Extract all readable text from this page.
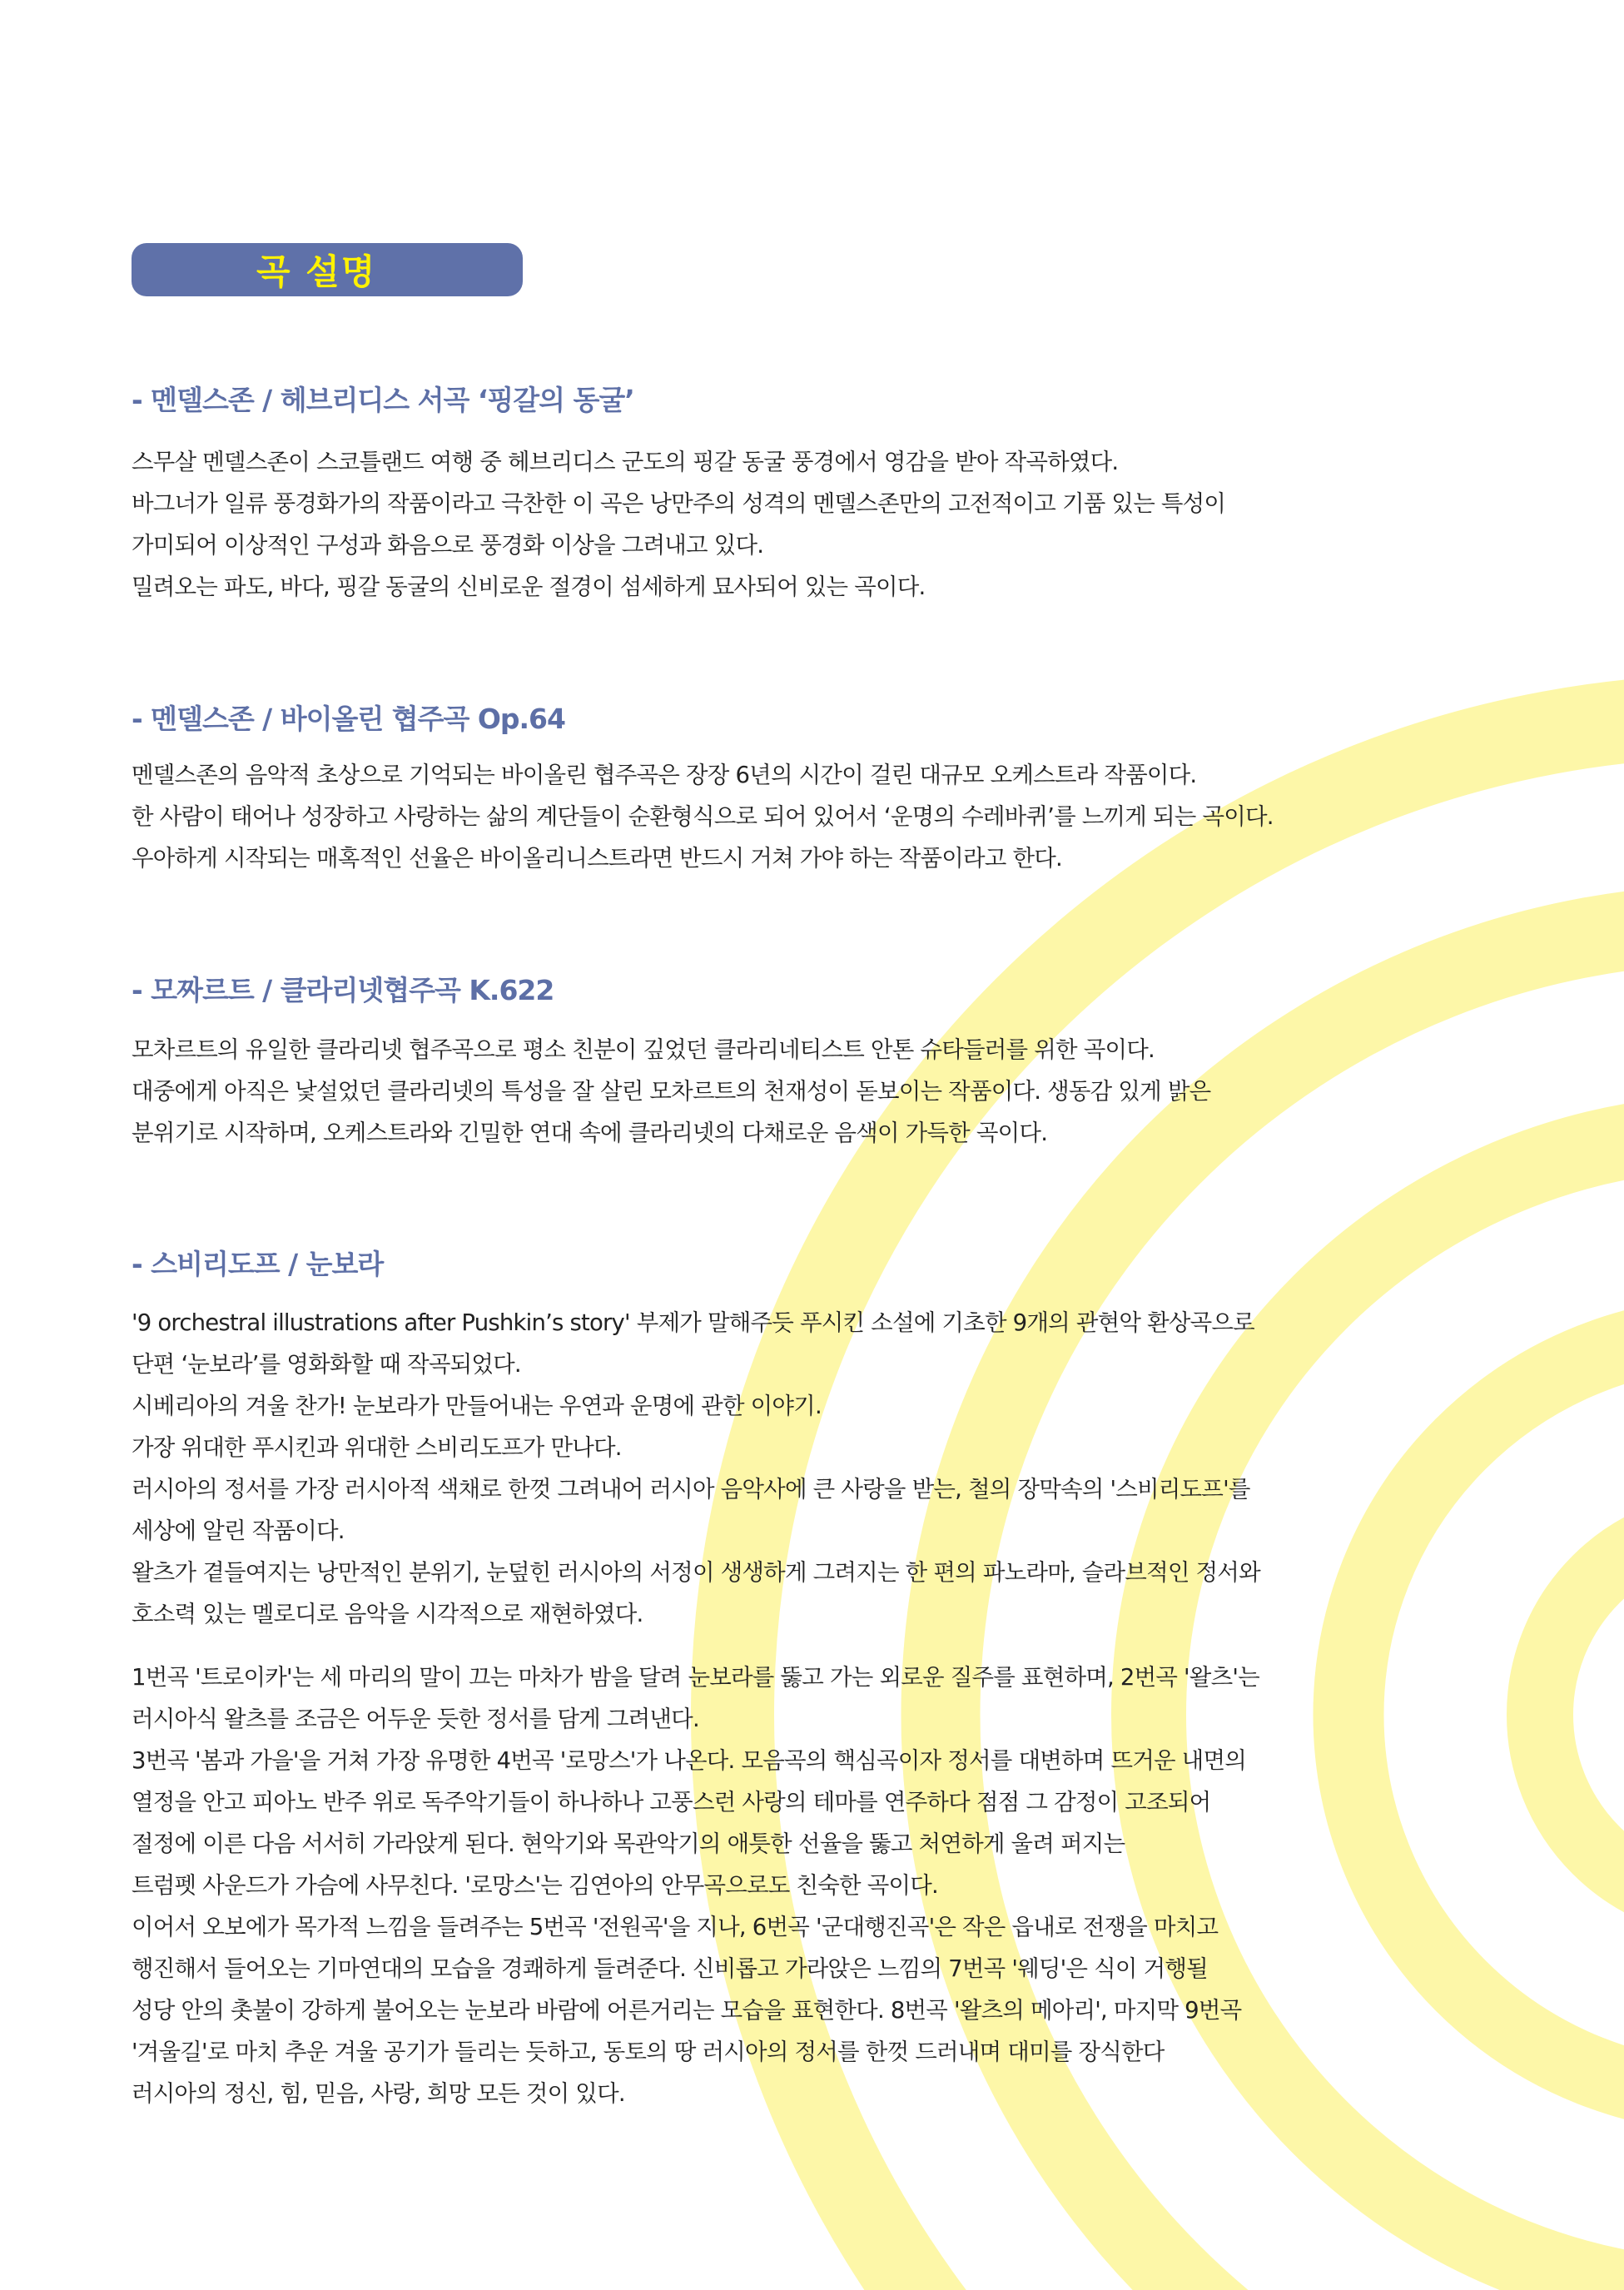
곡 설명
- 멘델스존 / 헤브리디스 서곡 ‘핑갈의 동굴’
스무살 멘델스존이 스코틀랜드 여행 중 헤브리디스 군도의 핑갈 동굴 풍경에서 영감을 받아 작곡하였다.
바그너가 일류 풍경화가의 작품이라고 극찬한 이 곡은 낭만주의 성격의 멘델스존만의 고전적이고 기품 있는 특성이
가미되어 이상적인 구성과 화음으로 풍경화 이상을 그려내고 있다.
밀려오는 파도, 바다, 핑갈 동굴의 신비로운 절경이 섬세하게 묘사되어 있는 곡이다.
- 멘델스존 / 바이올린 협주곡 Op.64
멘델스존의 음악적 초상으로 기억되는 바이올린 협주곡은 장장 6년의 시간이 걸린 대규모 오케스트라 작품이다.
한 사람이 태어나 성장하고 사랑하는 삶의 계단들이 순환형식으로 되어 있어서 ‘운명의 수레바퀴’를 느끼게 되는 곡이다.
우아하게 시작되는 매혹적인 선율은 바이올리니스트라면 반드시 거쳐 가야 하는 작품이라고 한다.
- 모짜르트 / 클라리넷협주곡 K.622
모차르트의 유일한 클라리넷 협주곡으로 평소 친분이 깊었던 클라리네티스트 안톤 슈타들러를 위한 곡이다.
대중에게 아직은 낯설었던 클라리넷의 특성을 잘 살린 모차르트의 천재성이 돋보이는 작품이다. 생동감 있게 밝은
분위기로 시작하며, 오케스트라와 긴밀한 연대 속에 클라리넷의 다채로운 음색이 가득한 곡이다.
- 스비리도프 / 눈보라
'9 orchestral illustrations after Pushkin’s story' 부제가 말해주듯 푸시킨 소설에 기초한 9개의 관현악 환상곡으로
단편 ‘눈보라’를 영화화할 때 작곡되었다.
시베리아의 겨울 찬가! 눈보라가 만들어내는 우연과 운명에 관한 이야기.
가장 위대한 푸시킨과 위대한 스비리도프가 만나다.
러시아의 정서를 가장 러시아적 색채로 한껏 그려내어 러시아 음악사에 큰 사랑을 받는, 철의 장막속의 '스비리도프'를
세상에 알린 작품이다.
왈츠가 곁들여지는 낭만적인 분위기, 눈덮힌 러시아의 서정이 생생하게 그려지는 한 편의 파노라마, 슬라브적인 정서와
호소력 있는 멜로디로 음악을 시각적으로 재현하였다.
1번곡 '트로이카'는 세 마리의 말이 끄는 마차가 밤을 달려 눈보라를 뚫고 가는 외로운 질주를 표현하며, 2번곡 '왈츠'는
러시아식 왈츠를 조금은 어두운 듯한 정서를 담게 그려낸다.
3번곡 '봄과 가을'을 거쳐 가장 유명한 4번곡 '로망스'가 나온다. 모음곡의 핵심곡이자 정서를 대변하며 뜨거운 내면의
열정을 안고 피아노 반주 위로 독주악기들이 하나하나 고풍스런 사랑의 테마를 연주하다 점점 그 감정이 고조되어
절정에 이른 다음 서서히 가라앉게 된다. 현악기와 목관악기의 애틋한 선율을 뚫고 처연하게 울려 퍼지는
트럼펫 사운드가 가슴에 사무친다. '로망스'는 김연아의 안무곡으로도 친숙한 곡이다.
이어서 오보에가 목가적 느낌을 들려주는 5번곡 '전원곡'을 지나, 6번곡 '군대행진곡'은 작은 읍내로 전쟁을 마치고
행진해서 들어오는 기마연대의 모습을 경쾌하게 들려준다. 신비롭고 가라앉은 느낌의 7번곡 '웨딩'은 식이 거행될
성당 안의 촛불이 강하게 불어오는 눈보라 바람에 어른거리는 모습을 표현한다. 8번곡 '왈츠의 메아리', 마지막 9번곡
'겨울길'로 마치 추운 겨울 공기가 들리는 듯하고, 동토의 땅 러시아의 정서를 한껏 드러내며 대미를 장식한다
러시아의 정신, 힘, 믿음, 사랑, 희망 모든 것이 있다.
